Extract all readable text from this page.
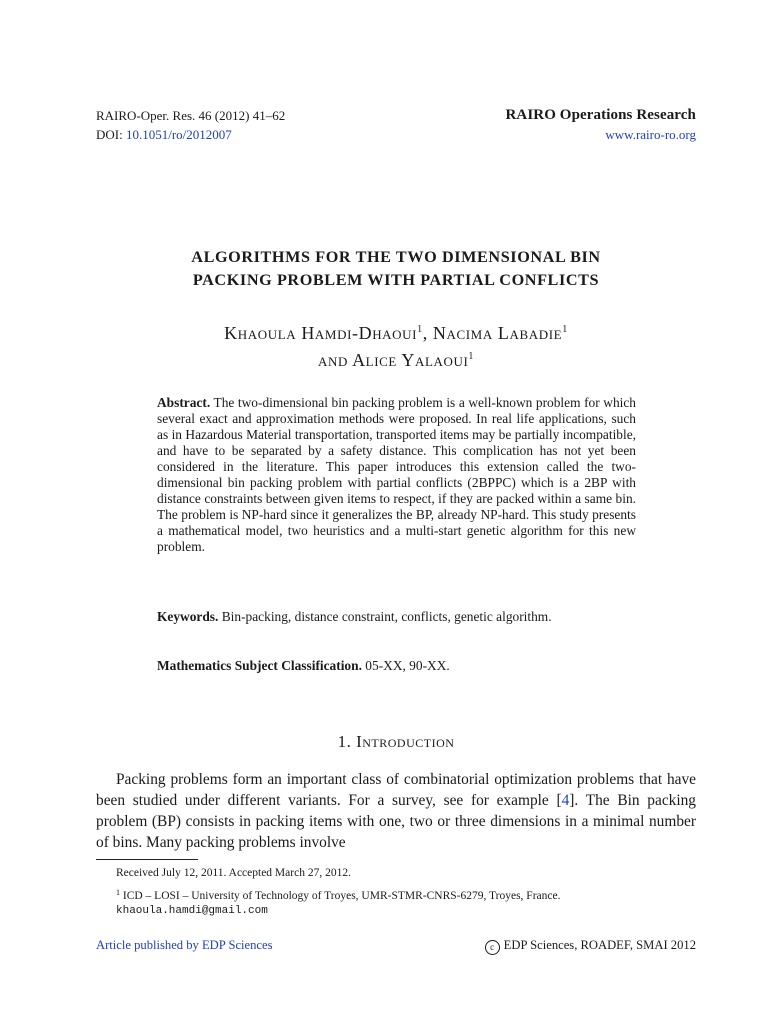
RAIRO-Oper. Res. 46 (2012) 41–62
DOI: 10.1051/ro/2012007
RAIRO Operations Research
www.rairo-ro.org
ALGORITHMS FOR THE TWO DIMENSIONAL BIN
PACKING PROBLEM WITH PARTIAL CONFLICTS
Khaoula Hamdi-Dhaoui$^1$, Nacima Labadie$^1$
and Alice Yalaoui$^1$
Abstract. The two-dimensional bin packing problem is a well-known problem for which several exact and approximation methods were proposed. In real life applications, such as in Hazardous Material transportation, transported items may be partially incompatible, and have to be separated by a safety distance. This complication has not yet been considered in the literature. This paper introduces this extension called the two-dimensional bin packing problem with partial conflicts (2BPPC) which is a 2BP with distance constraints between given items to respect, if they are packed within a same bin. The problem is NP-hard since it generalizes the BP, already NP-hard. This study presents a mathematical model, two heuristics and a multi-start genetic algorithm for this new problem.
Keywords. Bin-packing, distance constraint, conflicts, genetic algorithm.
Mathematics Subject Classification. 05-XX, 90-XX.
1. Introduction
Packing problems form an important class of combinatorial optimization problems that have been studied under different variants. For a survey, see for example [4]. The Bin packing problem (BP) consists in packing items with one, two or three dimensions in a minimal number of bins. Many packing problems involve
Received July 12, 2011. Accepted March 27, 2012.
$^1$ ICD – LOSI – University of Technology of Troyes, UMR-STMR-CNRS-6279, Troyes, France.
khaoula.hamdi@gmail.com
Article published by EDP Sciences	c EDP Sciences, ROADEF, SMAI 2012
